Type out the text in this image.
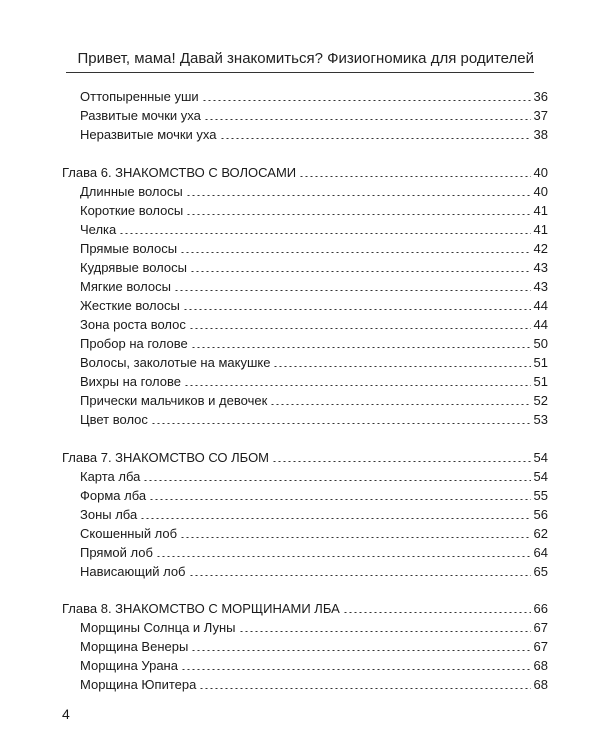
Привет, мама! Давай знакомиться? Физиогномика для родителей
Оттопыренные уши	36
Развитые мочки уха	37
Неразвитые мочки уха	38
Глава 6. ЗНАКОМСТВО С ВОЛОСАМИ	40
Длинные волосы	40
Короткие волосы	41
Челка	41
Прямые волосы	42
Кудрявые волосы	43
Мягкие волосы	43
Жесткие волосы	44
Зона роста волос	44
Пробор на голове	50
Волосы, заколотые на макушке	51
Вихры на голове	51
Прически мальчиков и девочек	52
Цвет волос	53
Глава 7. ЗНАКОМСТВО СО ЛБОМ	54
Карта лба	54
Форма лба	55
Зоны лба	56
Скошенный лоб	62
Прямой лоб	64
Нависающий лоб	65
Глава 8. ЗНАКОМСТВО С МОРЩИНАМИ ЛБА	66
Морщины Солнца и Луны	67
Морщина Венеры	67
Морщина Урана	68
Морщина Юпитера	68
4
